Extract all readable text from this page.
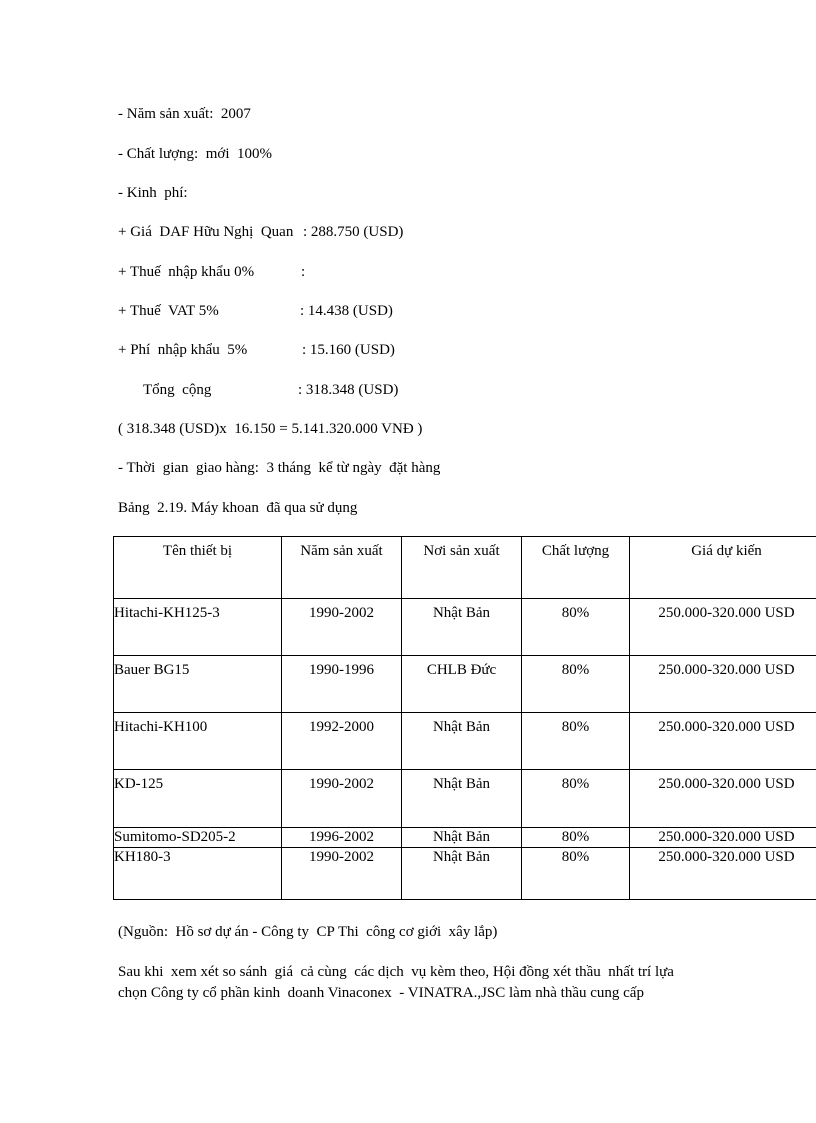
- Năm sản xuất:  2007
- Chất lượng:  mới  100%
- Kinh  phí:
+ Giá  DAF Hữu Nghị  Quan : 288.750 (USD)
+ Thuế  nhập khẩu 0%	:
+ Thuế  VAT 5%	: 14.438 (USD)
+ Phí  nhập khẩu  5%	: 15.160 (USD)
Tổng  cộng	: 318.348 (USD)
( 318.348 (USD)x  16.150 = 5.141.320.000 VNĐ )
- Thời  gian  giao hàng:  3 tháng  kể từ ngày  đặt hàng
Bảng  2.19. Máy khoan  đã qua sử dụng
Tên thiết bị	Năm sản xuất	Nơi sản xuất	Chất lượng	Giá dự kiến
Hitachi-KH125-3	1990-2002	Nhật Bản	80%	250.000-320.000 USD
Bauer BG15	1990-1996	CHLB Đức	80%	250.000-320.000 USD
Hitachi-KH100	1992-2000	Nhật Bản	80%	250.000-320.000 USD
KD-125	1990-2002	Nhật Bản	80%	250.000-320.000 USD
Sumitomo-SD205-2	1996-2002	Nhật Bản	80%	250.000-320.000 USD
KH180-3	1990-2002	Nhật Bản	80%	250.000-320.000 USD
(Nguồn:  Hồ sơ dự án - Công ty  CP Thi  công cơ giới  xây lắp)
Sau khi  xem xét so sánh  giá  cả cùng  các dịch  vụ kèm theo, Hội đồng xét thầu  nhất trí lựa
chọn Công ty cổ phần kinh  doanh Vinaconex  - VINATRA.,JSC làm nhà thầu cung cấp
